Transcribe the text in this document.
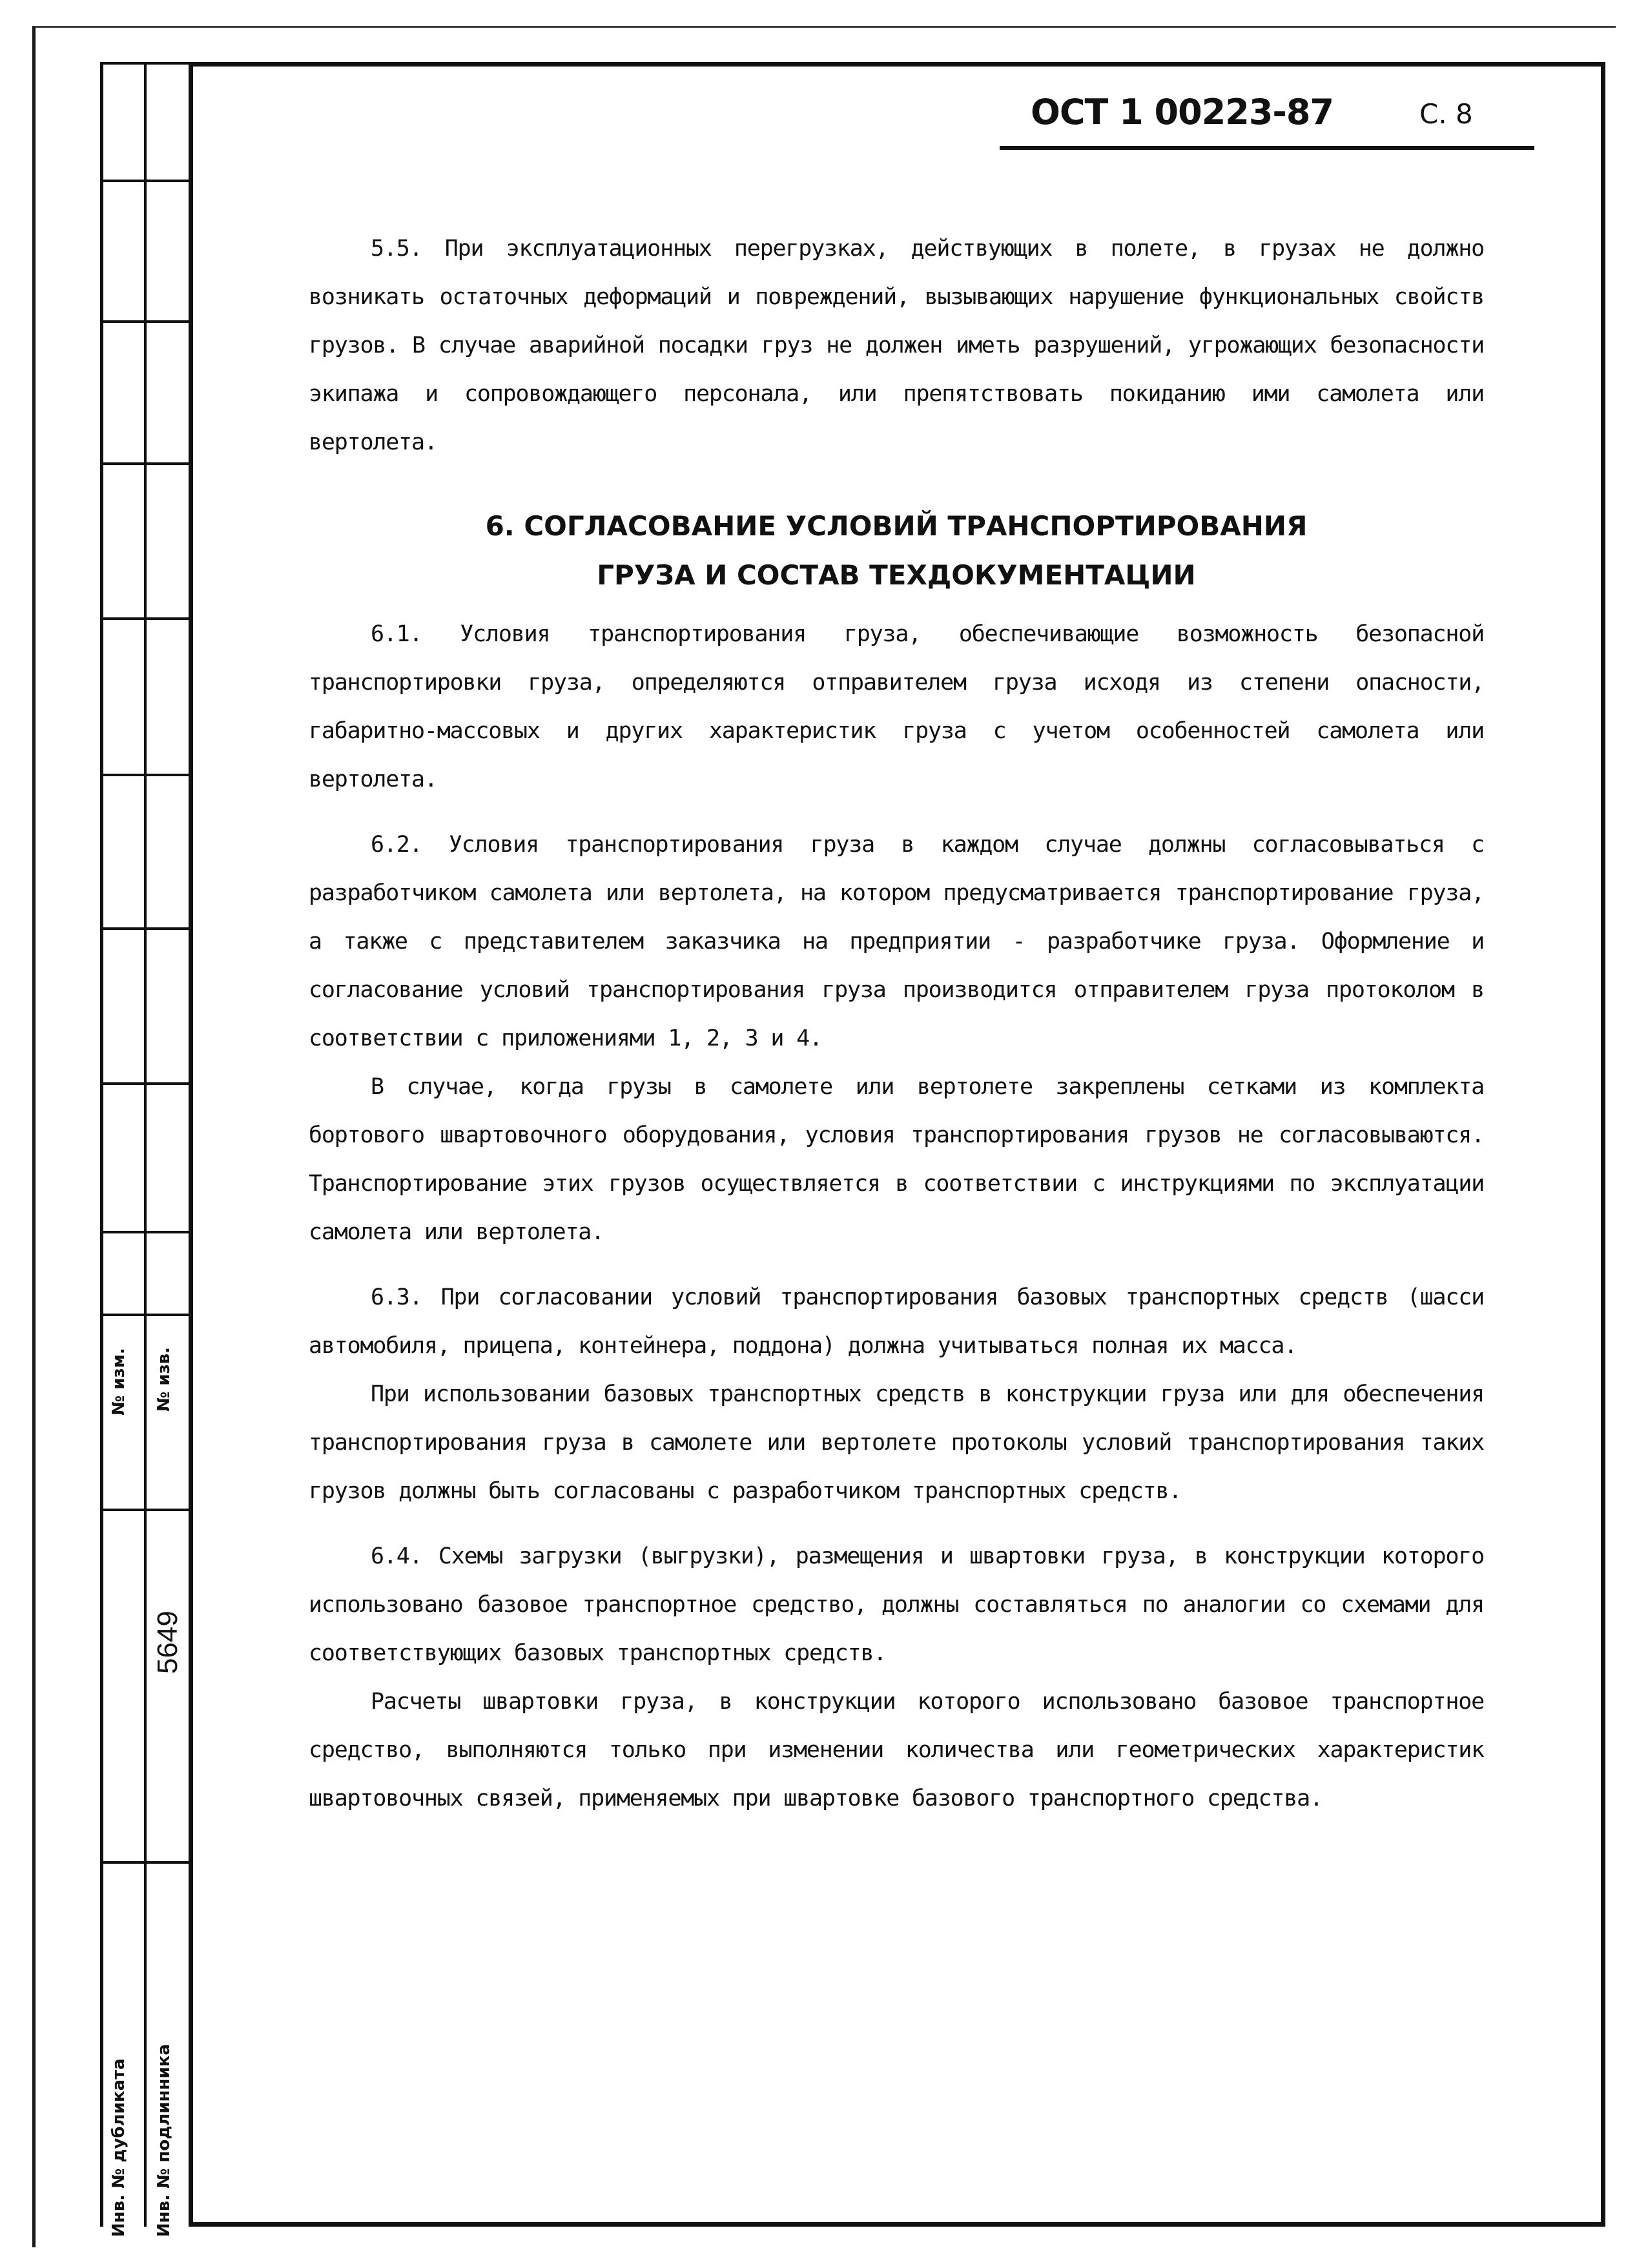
№ изм. № изв.
5649
Инв. № дубликата Инв. № подлинника
ОСТ 1 00223-87	С. 8

5.5. При эксплуатационных перегрузках, действующих в полете, в грузах не должно возникать остаточных деформаций и повреждений, вызывающих нарушение функциональных свойств грузов. В случае аварийной посадки груз не должен иметь разрушений, угрожающих безопасности экипажа и сопровождающего персонала, или препятствовать покиданию ими самолета или вертолета.

6. СОГЛАСОВАНИЕ УСЛОВИЙ ТРАНСПОРТИРОВАНИЯ
ГРУЗА И СОСТАВ ТЕХДОКУМЕНТАЦИИ

6.1. Условия транспортирования груза, обеспечивающие возможность безопасной транспортировки груза, определяются отправителем груза исходя из степени опасности, габаритно-массовых и других характеристик груза с учетом особенностей самолета или вертолета.

6.2. Условия транспортирования груза в каждом случае должны согласовываться с разработчиком самолета или вертолета, на котором предусматривается транспортирование груза, а также с представителем заказчика на предприятии - разработчике груза. Оформление и согласование условий транспортирования груза производится отправителем груза протоколом в соответствии с приложениями 1, 2, 3 и 4.

В случае, когда грузы в самолете или вертолете закреплены сетками из комплекта бортового швартовочного оборудования, условия транспортирования грузов не согласовываются. Транспортирование этих грузов осуществляется в соответствии с инструкциями по эксплуатации самолета или вертолета.

6.3. При согласовании условий транспортирования базовых транспортных средств (шасси автомобиля, прицепа, контейнера, поддона) должна учитываться полная их масса.

При использовании базовых транспортных средств в конструкции груза или для обеспечения транспортирования груза в самолете или вертолете протоколы условий транспортирования таких грузов должны быть согласованы с разработчиком транспортных средств.

6.4. Схемы загрузки (выгрузки), размещения и швартовки груза, в конструкции которого использовано базовое транспортное средство, должны составляться по аналогии со схемами для соответствующих базовых транспортных средств.

Расчеты швартовки груза, в конструкции которого использовано базовое транспортное средство, выполняются только при изменении количества или геометрических характеристик швартовочных связей, применяемых при швартовке базового транспортного средства.
